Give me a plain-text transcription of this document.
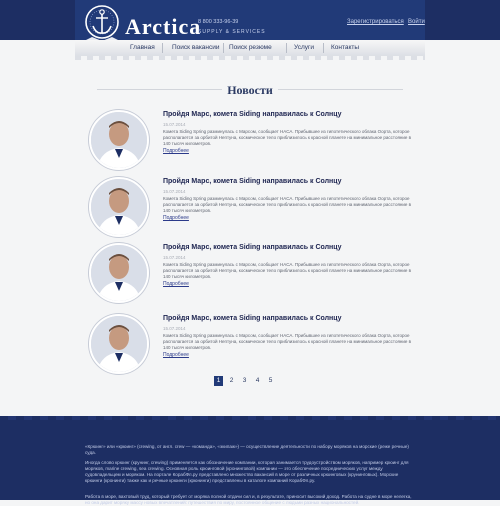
Arctica
SUPPLY & SERVICES
8 800 333-96-39	Зарегистрироваться Войти
Главная	Поиск вакансии Поиск резюме	Услуги	Контакты
Новости
Пройдя Марс, комета Siding направилась к Солнцу
15.07.2014
Комета Siding Spring разминулась с Марсом, сообщает НАСА. Прибывшее из гипотетического облака Оорта, которое располагается за орбитой Нептуна, космическое тело приблизилось к красной планете на минимальное расстояние в 140 тысяч километров.
Подробнее
Пройдя Марс, комета Siding направилась к Солнцу
15.07.2014
Комета Siding Spring разминулась с Марсом, сообщает НАСА. Прибывшее из гипотетического облака Оорта, которое располагается за орбитой Нептуна, космическое тело приблизилось к красной планете на минимальное расстояние в 140 тысяч километров.
Подробнее
Пройдя Марс, комета Siding направилась к Солнцу
15.07.2014
Комета Siding Spring разминулась с Марсом, сообщает НАСА. Прибывшее из гипотетического облака Оорта, которое располагается за орбитой Нептуна, космическое тело приблизилось к красной планете на минимальное расстояние в 140 тысяч километров.
Подробнее
Пройдя Марс, комета Siding направилась к Солнцу
15.07.2014
Комета Siding Spring разминулась с Марсом, сообщает НАСА. Прибывшее из гипотетического облака Оорта, которое располагается за орбитой Нептуна, космическое тело приблизилось к красной планете на минимальное расстояние в 140 тысяч километров.
Подробнее
1	2	3	4	5

«Крюинг» или «крюинг» (crewing, от англ. crew — «команда», «экипаж») — осуществление деятельности по набору моряков на морские (реже речные) суда.

Иногда слово крюинг (крунинг, crewing) применяется как обозначение компании, которая занимается трудоустройством моряков, например крюинг для моряков, marine crewing, sea crewing. Основная роль крюинговой (кронинговой) компании — это обеспечение посреднических услуг между судовладельцем и моряком. На портале КорабФл.ру представлено множество вакансий в море от различных крюинговых (крунинговых). Морские крюинги (кронинги) также как и речные крюинги (крюнинги) представлены в каталоге компаний КорабФл.ру.

Работа в море, вахтовый труд, который требует от моряка полной отдачи сил и, в результате, приносит высокий доход. Работа на судне в море нелегка, но она дарит моряку массу новых впечатлений: путешествия по миру, постоянное общение с людьми разных национальностей.
